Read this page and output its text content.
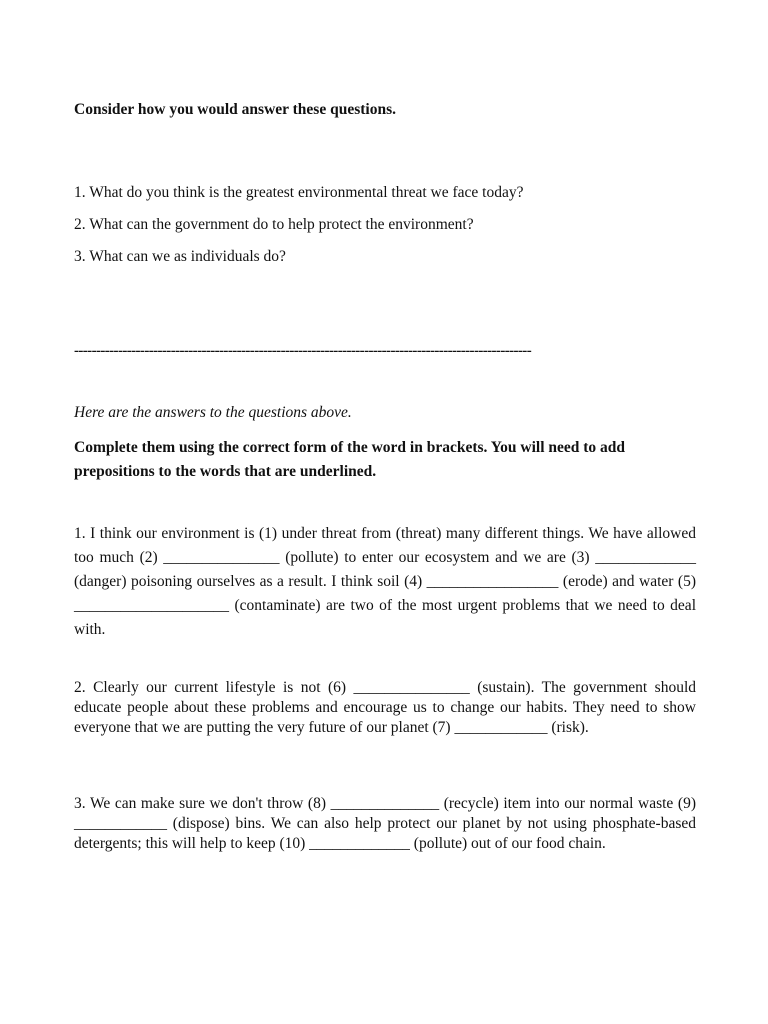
Consider how you would answer these questions.
1. What do you think is the greatest environmental threat we face today?
2. What can the government do to help protect the environment?
3. What can we as individuals do?
--------------------------------------------------------------------------------------------------------
Here are the answers to the questions above.

Complete them using the correct form of the word in brackets. You will need to add prepositions to the words that are underlined.

1. I think our environment is (1) under threat from (threat) many different things. We have allowed too much (2) _______________ (pollute) to enter our ecosystem and we are (3) _____________ (danger) poisoning ourselves as a result. I think soil (4) _________________ (erode) and water (5) ____________________ (contaminate) are two of the most urgent problems that we need to deal with.

2. Clearly our current lifestyle is not (6) _______________ (sustain). The government should educate people about these problems and encourage us to change our habits. They need to show everyone that we are putting the very future of our planet (7) ____________ (risk).

3. We can make sure we don't throw (8) ______________ (recycle) item into our normal waste (9) ____________ (dispose) bins. We can also help protect our planet by not using phosphate-based detergents; this will help to keep (10) _____________ (pollute) out of our food chain.
